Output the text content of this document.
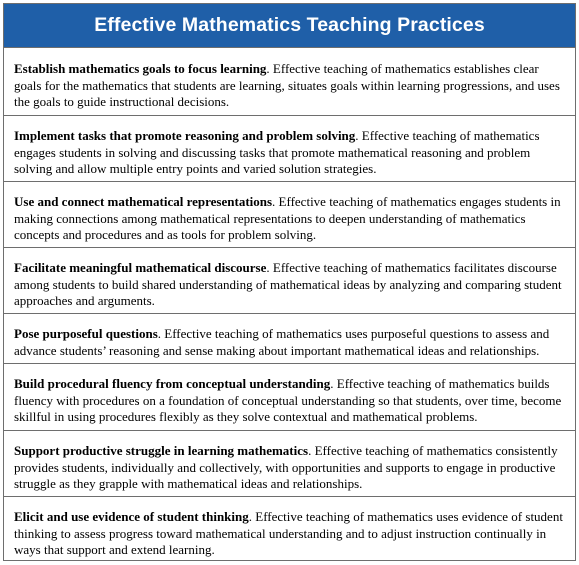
Effective Mathematics Teaching Practices
Establish mathematics goals to focus learning. Effective teaching of mathematics establishes clear goals for the mathematics that students are learning, situates goals within learning progressions, and uses the goals to guide instructional decisions.
Implement tasks that promote reasoning and problem solving. Effective teaching of mathematics engages students in solving and discussing tasks that promote mathematical reasoning and problem solving and allow multiple entry points and varied solution strategies.
Use and connect mathematical representations. Effective teaching of mathematics engages students in making connections among mathematical representations to deepen understanding of mathematics concepts and procedures and as tools for problem solving.
Facilitate meaningful mathematical discourse. Effective teaching of mathematics facilitates discourse among students to build shared understanding of mathematical ideas by analyzing and comparing student approaches and arguments.
Pose purposeful questions. Effective teaching of mathematics uses purposeful questions to assess and advance students’ reasoning and sense making about important mathematical ideas and relationships.
Build procedural fluency from conceptual understanding. Effective teaching of mathematics builds fluency with procedures on a foundation of conceptual understanding so that students, over time, become skillful in using procedures flexibly as they solve contextual and mathematical problems.
Support productive struggle in learning mathematics. Effective teaching of mathematics consistently provides students, individually and collectively, with opportunities and supports to engage in productive struggle as they grapple with mathematical ideas and relationships.
Elicit and use evidence of student thinking. Effective teaching of mathematics uses evidence of student thinking to assess progress toward mathematical understanding and to adjust instruction continually in ways that support and extend learning.
